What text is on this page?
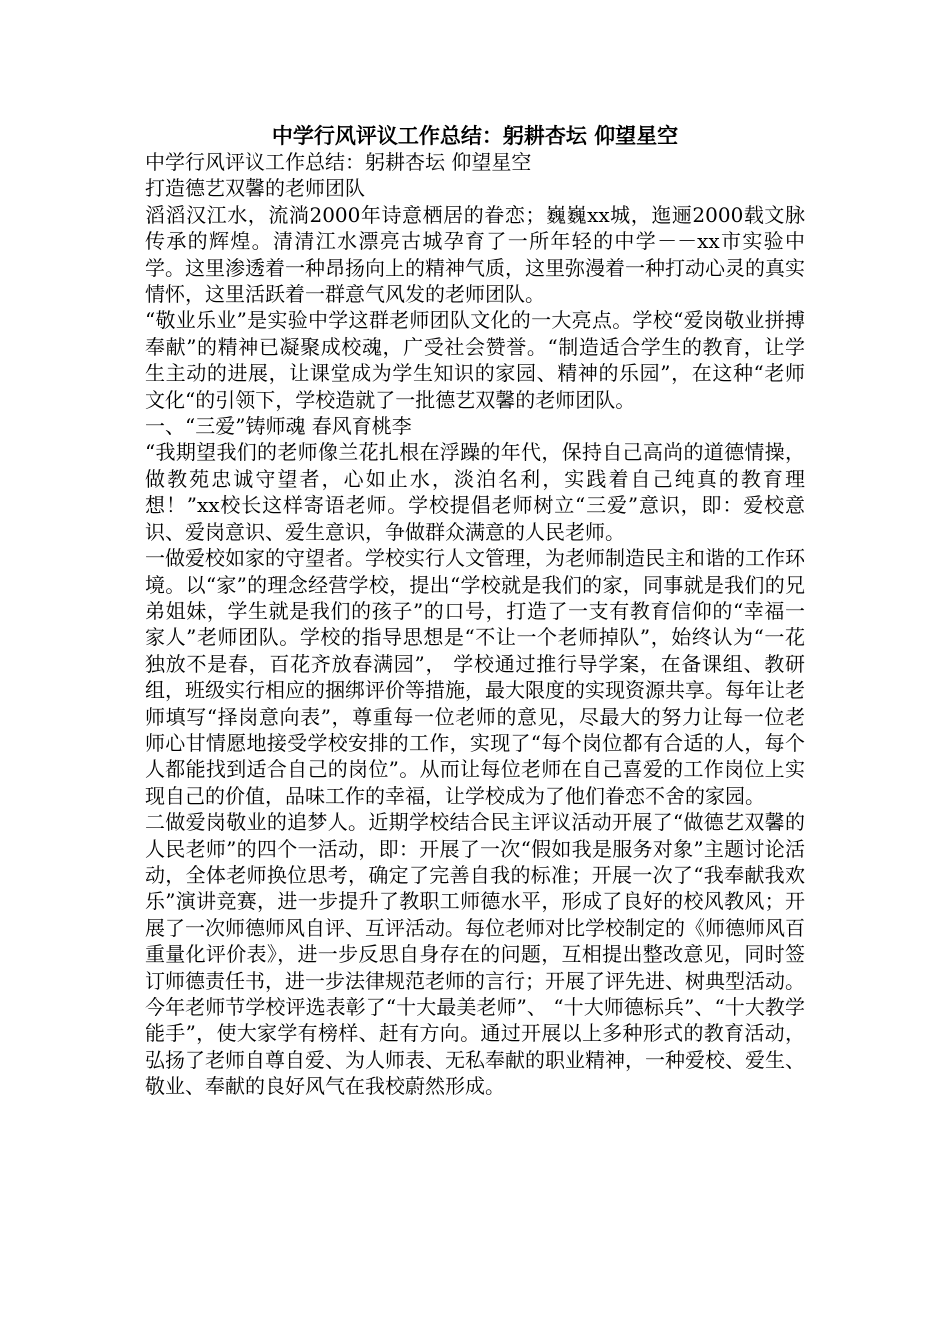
中学行风评议工作总结：躬耕杏坛 仰望星空

中学行风评议工作总结：躬耕杏坛 仰望星空

打造德艺双馨的老师团队

滔滔汉江水，流淌2000年诗意栖居的眷恋；巍巍xx城，迤逦2000载文脉传承的辉煌。清清江水漂亮古城孕育了一所年轻的中学－－xx市实验中学。这里渗透着一种昂扬向上的精神气质，这里弥漫着一种打动心灵的真实情怀，这里活跃着一群意气风发的老师团队。

“敬业乐业”是实验中学这群老师团队文化的一大亮点。学校“爱岗敬业拼搏奉献”的精神已凝聚成校魂，广受社会赞誉。“制造适合学生的教育，让学生主动的进展，让课堂成为学生知识的家园、精神的乐园”，在这种“老师文化“的引领下，学校造就了一批德艺双馨的老师团队。

一、“三爱”铸师魂 春风育桃李

“我期望我们的老师像兰花扎根在浮躁的年代，保持自己高尚的道德情操，做教苑忠诚守望者，心如止水，淡泊名利，实践着自己纯真的教育理想！”xx校长这样寄语老师。学校提倡老师树立“三爱”意识，即：爱校意识、爱岗意识、爱生意识，争做群众满意的人民老师。

一做爱校如家的守望者。学校实行人文管理，为老师制造民主和谐的工作环境。以“家”的理念经营学校，提出“学校就是我们的家，同事就是我们的兄弟姐妹，学生就是我们的孩子”的口号，打造了一支有教育信仰的“幸福一家人”老师团队。学校的指导思想是“不让一个老师掉队”，始终认为“一花独放不是春，百花齐放春满园”， 学校通过推行导学案，在备课组、教研组，班级实行相应的捆绑评价等措施，最大限度的实现资源共享。每年让老师填写“择岗意向表”，尊重每一位老师的意见，尽最大的努力让每一位老师心甘情愿地接受学校安排的工作，实现了“每个岗位都有合适的人，每个人都能找到适合自己的岗位”。从而让每位老师在自己喜爱的工作岗位上实现自己的价值，品味工作的幸福，让学校成为了他们眷恋不舍的家园。

二做爱岗敬业的追梦人。近期学校结合民主评议活动开展了“做德艺双馨的人民老师”的四个一活动，即：开展了一次“假如我是服务对象”主题讨论活动，全体老师换位思考，确定了完善自我的标准；开展一次了“我奉献我欢乐”演讲竞赛，进一步提升了教职工师德水平，形成了良好的校风教风；开展了一次师德师风自评、互评活动。每位老师对比学校制定的《师德师风百重量化评价表》，进一步反思自身存在的问题，互相提出整改意见，同时签订师德责任书，进一步法律规范老师的言行；开展了评先进、树典型活动。今年老师节学校评选表彰了“十大最美老师”、 “十大师德标兵”、“十大教学能手”，使大家学有榜样、赶有方向。通过开展以上多种形式的教育活动，弘扬了老师自尊自爱、为人师表、无私奉献的职业精神，一种爱校、爱生、敬业、奉献的良好风气在我校蔚然形成。
